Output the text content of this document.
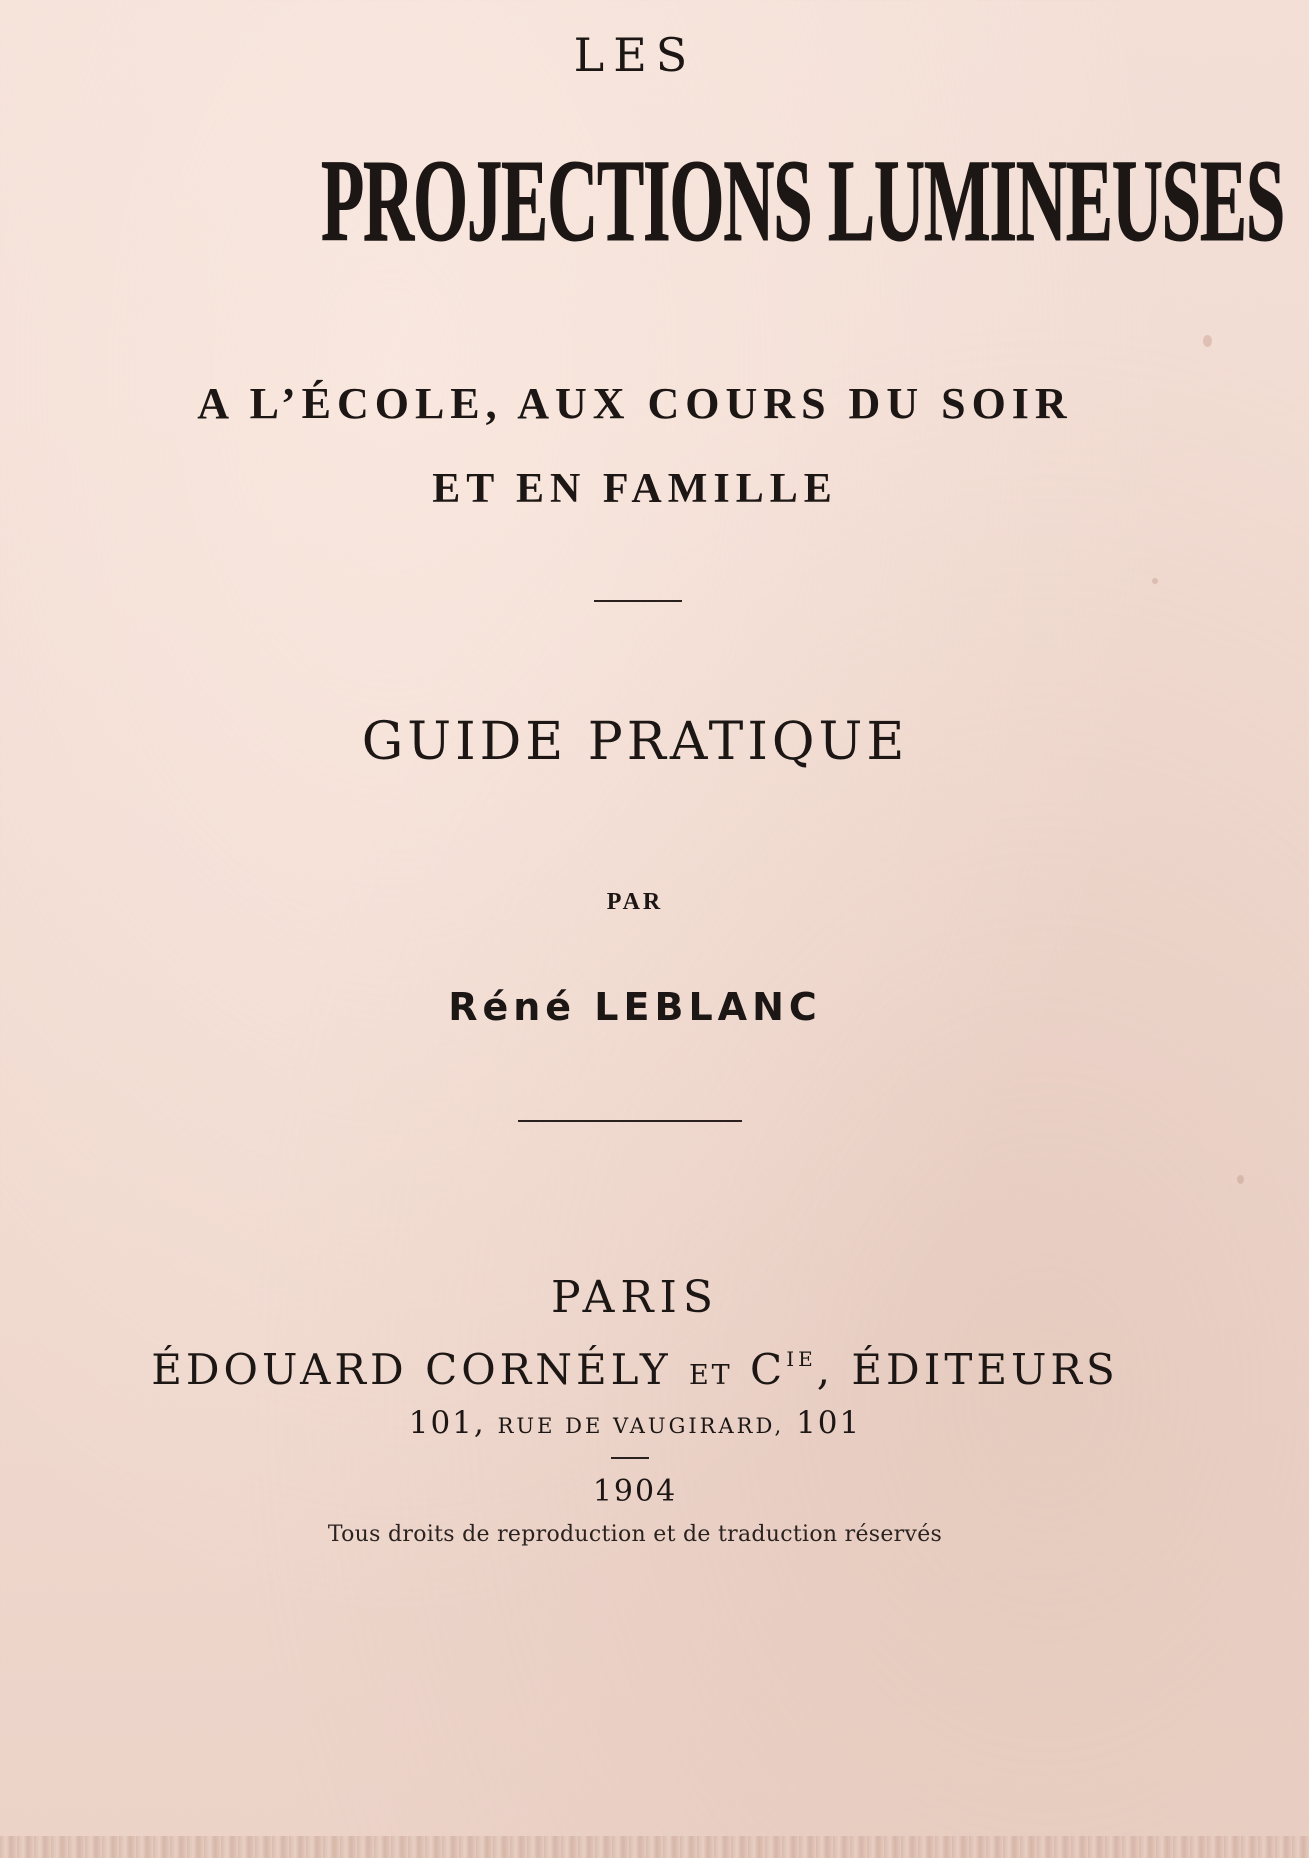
LES
PROJECTIONS LUMINEUSES
A L’ÉCOLE, AUX COURS DU SOIR
ET EN FAMILLE
GUIDE PRATIQUE
PAR
Réné LEBLANC
PARIS
ÉDOUARD CORNÉLY ET $C^{IE}$, ÉDITEURS
101, RUE DE VAUGIRARD, 101
1904
Tous droits de reproduction et de traduction réservés
